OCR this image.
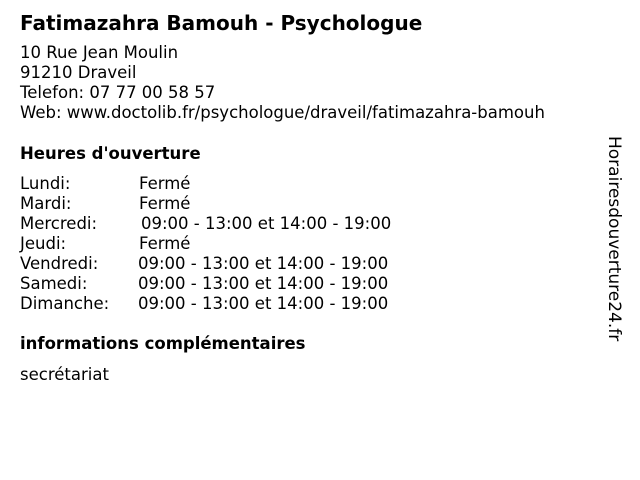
Fatimazahra Bamouh - Psychologue
10 Rue Jean Moulin
91210 Draveil
Telefon: 07 77 00 58 57
Web: www.doctolib.fr/psychologue/draveil/fatimazahra-bamouh
Heures d'ouverture
Lundi:	Fermé
Mardi:	Fermé
Mercredi:	09:00 - 13:00 et 14:00 - 19:00
Jeudi:	Fermé
Vendredi: 09:00 - 13:00 et 14:00 - 19:00
Samedi:	09:00 - 13:00 et 14:00 - 19:00
Dimanche: 09:00 - 13:00 et 14:00 - 19:00
informations complémentaires
secrétariat
Horairesdouverture24.fr
